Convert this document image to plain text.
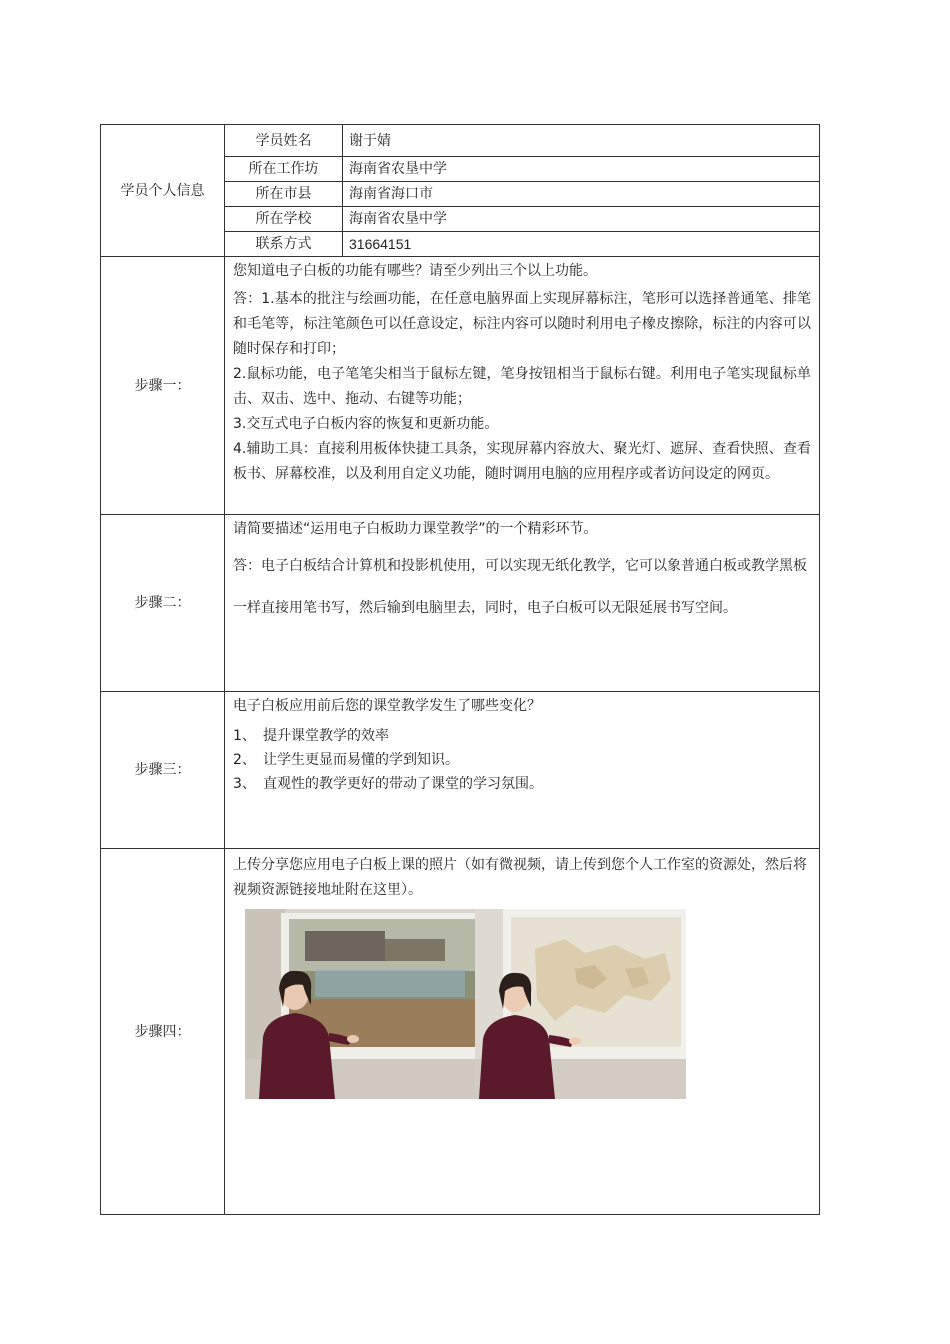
学员个人信息	学员姓名	谢于婧
	所在工作坊	海南省农垦中学
	所在市县	海南省海口市
	所在学校	海南省农垦中学
	联系方式	31664151
步骤一：	您知道电子白板的功能有哪些？请至少列出三个以上功能。

答：1.基本的批注与绘画功能，在任意电脑界面上实现屏幕标注，笔形可以选择普通笔、排笔和毛笔等，标注笔颜色可以任意设定，标注内容可以随时利用电子橡皮擦除，标注的内容可以随时保存和打印；

2.鼠标功能，电子笔笔尖相当于鼠标左键，笔身按钮相当于鼠标右键。利用电子笔实现鼠标单击、双击、选中、拖动、右键等功能；

3.交互式电子白板内容的恢复和更新功能。

4.辅助工具：直接利用板体快捷工具条，实现屏幕内容放大、聚光灯、遮屏、查看快照、查看板书、屏幕校准，以及利用自定义功能，随时调用电脑的应用程序或者访问设定的网页。	

步骤二：	请简要描述“运用电子白板助力课堂教学”的一个精彩环节。

答：电子白板结合计算机和投影机使用，可以实现无纸化教学，它可以象普通白板或教学黑板一样直接用笔书写，然后输到电脑里去，同时，电子白板可以无限延展书写空间。	

步骤三：	电子白板应用前后您的课堂教学发生了哪些变化？

1、 提升课堂教学的效率

2、 让学生更显而易懂的学到知识。

3、 直观性的教学更好的带动了课堂的学习氛围。	

步骤四：	上传分享您应用电子白板上课的照片（如有微视频，请上传到您个人工作室的资源处，然后将视频资源链接地址附在这里）。	
